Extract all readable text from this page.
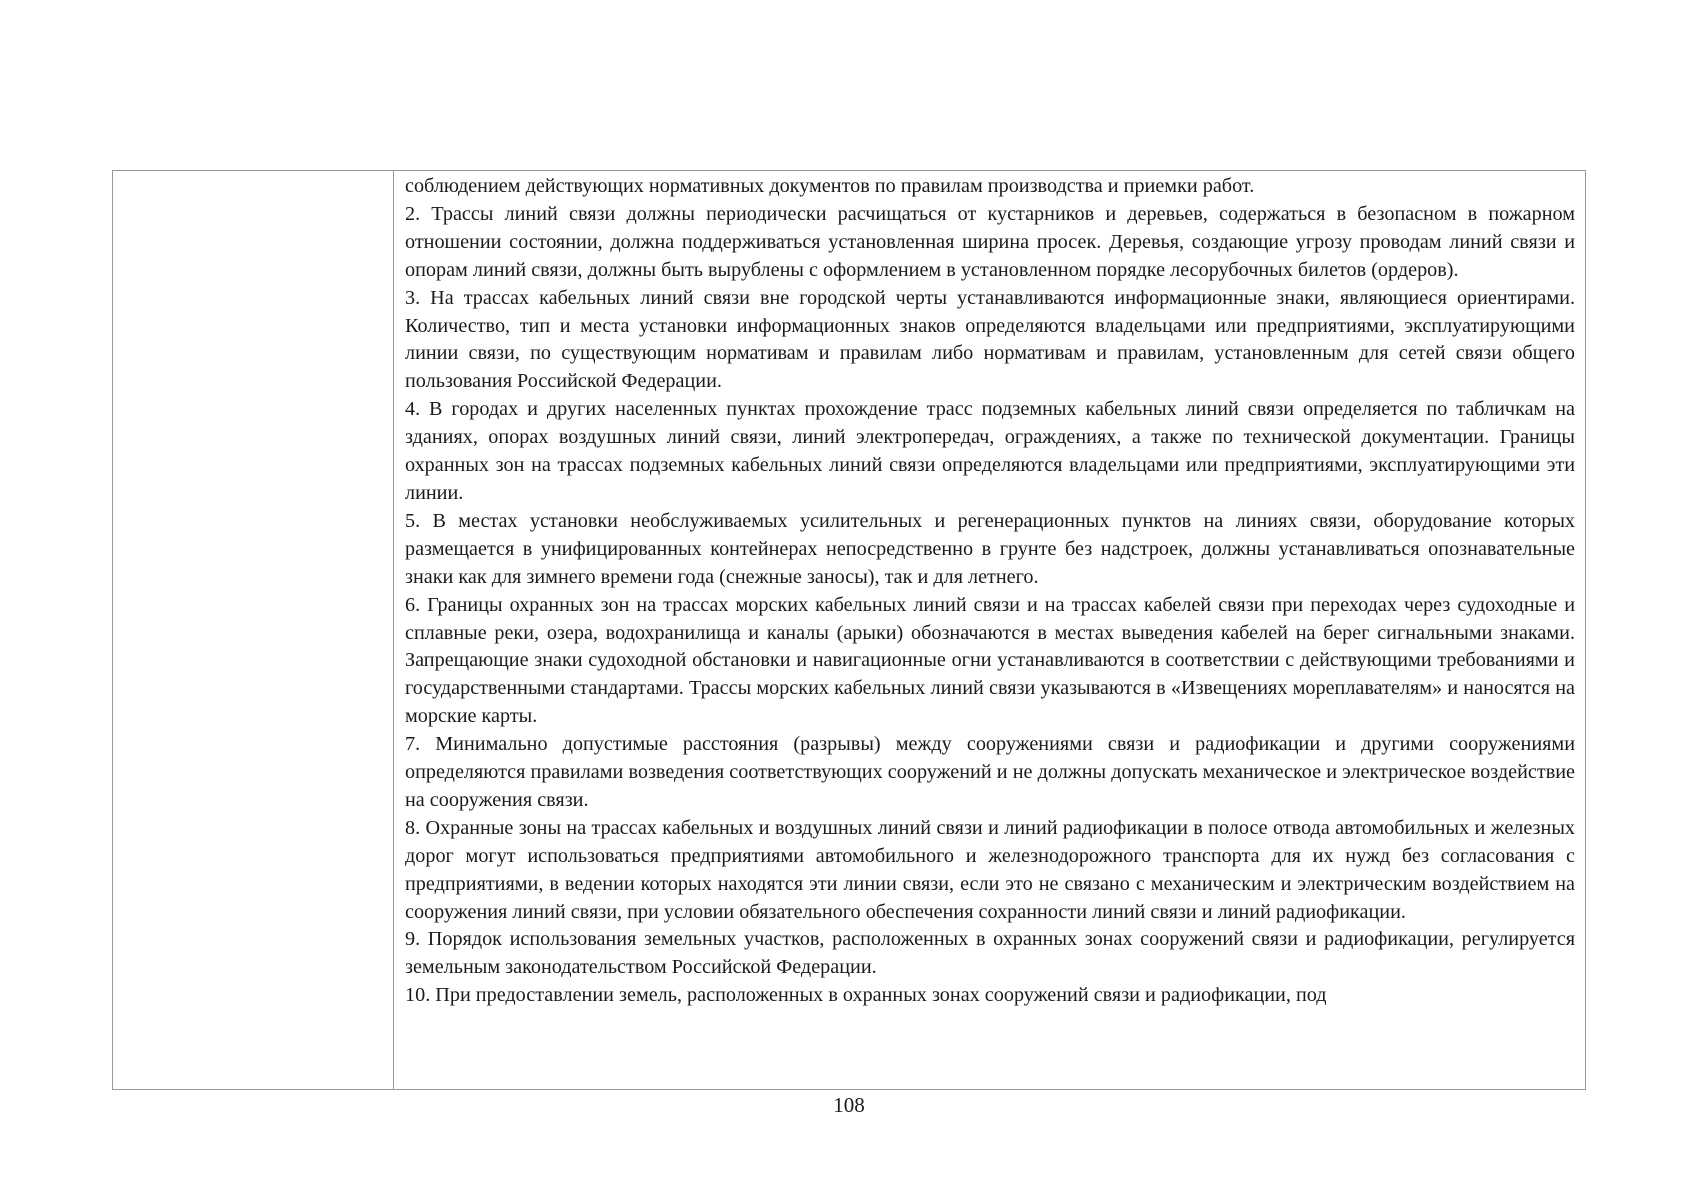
соблюдением действующих нормативных документов по правилам производства и приемки работ.

2. Трассы линий связи должны периодически расчищаться от кустарников и деревьев, содержаться в безопасном в пожарном отношении состоянии, должна поддерживаться установленная ширина просек. Деревья, создающие угрозу проводам линий связи и опорам линий связи, должны быть вырублены с оформлением в установленном порядке лесорубочных билетов (ордеров).

3. На трассах кабельных линий связи вне городской черты устанавливаются информационные знаки, являющиеся ориентирами. Количество, тип и места установки информационных знаков определяются владельцами или предприятиями, эксплуатирующими линии связи, по существующим нормативам и правилам либо нормативам и правилам, установленным для сетей связи общего пользования Российской Федерации.

4. В городах и других населенных пунктах прохождение трасс подземных кабельных линий связи определяется по табличкам на зданиях, опорах воздушных линий связи, линий электропередач, ограждениях, а также по технической документации. Границы охранных зон на трассах подземных кабельных линий связи определяются владельцами или предприятиями, эксплуатирующими эти линии.

5. В местах установки необслуживаемых усилительных и регенерационных пунктов на линиях связи, оборудование которых размещается в унифицированных контейнерах непосредственно в грунте без надстроек, должны устанавливаться опознавательные знаки как для зимнего времени года (снежные заносы), так и для летнего.

6. Границы охранных зон на трассах морских кабельных линий связи и на трассах кабелей связи при переходах через судоходные и сплавные реки, озера, водохранилища и каналы (арыки) обозначаются в местах выведения кабелей на берег сигнальными знаками. Запрещающие знаки судоходной обстановки и навигационные огни устанавливаются в соответствии с действующими требованиями и государственными стандартами. Трассы морских кабельных линий связи указываются в «Извещениях мореплавателям» и наносятся на морские карты.

7. Минимально допустимые расстояния (разрывы) между сооружениями связи и радиофикации и другими сооружениями определяются правилами возведения соответствующих сооружений и не должны допускать механическое и электрическое воздействие на сооружения связи.

8. Охранные зоны на трассах кабельных и воздушных линий связи и линий радиофикации в полосе отвода автомобильных и железных дорог могут использоваться предприятиями автомобильного и железнодорожного транспорта для их нужд без согласования с предприятиями, в ведении которых находятся эти линии связи, если это не связано с механическим и электрическим воздействием на сооружения линий связи, при условии обязательного обеспечения сохранности линий связи и линий радиофикации.

9. Порядок использования земельных участков, расположенных в охранных зонах сооружений связи и радиофикации, регулируется земельным законодательством Российской Федерации.

10. При предоставлении земель, расположенных в охранных зонах сооружений связи и радиофикации, под

108
